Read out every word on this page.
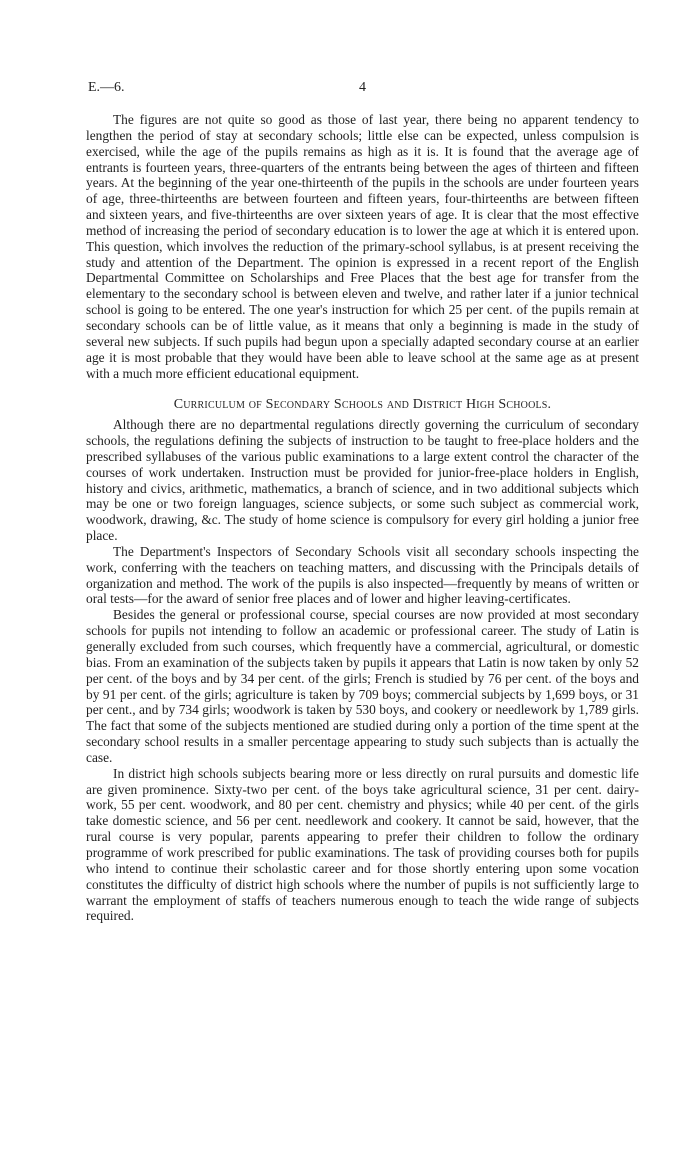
E.—6.	4

The figures are not quite so good as those of last year, there being no apparent tendency to lengthen the period of stay at secondary schools; little else can be expected, unless compulsion is exercised, while the age of the pupils remains as high as it is. It is found that the average age of entrants is fourteen years, three-quarters of the entrants being between the ages of thirteen and fifteen years. At the beginning of the year one-thirteenth of the pupils in the schools are under fourteen years of age, three-thirteenths are between fourteen and fifteen years, four-thirteenths are between fifteen and sixteen years, and five-thirteenths are over sixteen years of age. It is clear that the most effective method of increasing the period of secondary education is to lower the age at which it is entered upon. This question, which involves the reduction of the primary-school syllabus, is at present receiving the study and attention of the Department. The opinion is expressed in a recent report of the English Departmental Committee on Scholarships and Free Places that the best age for transfer from the elementary to the secondary school is between eleven and twelve, and rather later if a junior technical school is going to be entered. The one year's instruction for which 25 per cent. of the pupils remain at secondary schools can be of little value, as it means that only a beginning is made in the study of several new subjects. If such pupils had begun upon a specially adapted secondary course at an earlier age it is most probable that they would have been able to leave school at the same age as at present with a much more efficient educational equipment.

Curriculum of Secondary Schools and District High Schools.

Although there are no departmental regulations directly governing the curriculum of secondary schools, the regulations defining the subjects of instruction to be taught to free-place holders and the prescribed syllabuses of the various public examinations to a large extent control the character of the courses of work undertaken. Instruction must be provided for junior-free-place holders in English, history and civics, arithmetic, mathematics, a branch of science, and in two additional subjects which may be one or two foreign languages, science subjects, or some such subject as commercial work, woodwork, drawing, &c. The study of home science is compulsory for every girl holding a junior free place.

The Department's Inspectors of Secondary Schools visit all secondary schools inspecting the work, conferring with the teachers on teaching matters, and discussing with the Principals details of organization and method. The work of the pupils is also inspected—frequently by means of written or oral tests—for the award of senior free places and of lower and higher leaving-certificates.

Besides the general or professional course, special courses are now provided at most secondary schools for pupils not intending to follow an academic or professional career. The study of Latin is generally excluded from such courses, which frequently have a commercial, agricultural, or domestic bias. From an examination of the subjects taken by pupils it appears that Latin is now taken by only 52 per cent. of the boys and by 34 per cent. of the girls; French is studied by 76 per cent. of the boys and by 91 per cent. of the girls; agriculture is taken by 709 boys; commercial subjects by 1,699 boys, or 31 per cent., and by 734 girls; woodwork is taken by 530 boys, and cookery or needlework by 1,789 girls. The fact that some of the subjects mentioned are studied during only a portion of the time spent at the secondary school results in a smaller percentage appearing to study such subjects than is actually the case.

In district high schools subjects bearing more or less directly on rural pursuits and domestic life are given prominence. Sixty-two per cent. of the boys take agricultural science, 31 per cent. dairy-work, 55 per cent. woodwork, and 80 per cent. chemistry and physics; while 40 per cent. of the girls take domestic science, and 56 per cent. needlework and cookery. It cannot be said, however, that the rural course is very popular, parents appearing to prefer their children to follow the ordinary programme of work prescribed for public examinations. The task of providing courses both for pupils who intend to continue their scholastic career and for those shortly entering upon some vocation constitutes the difficulty of district high schools where the number of pupils is not sufficiently large to warrant the employment of staffs of teachers numerous enough to teach the wide range of subjects required.
